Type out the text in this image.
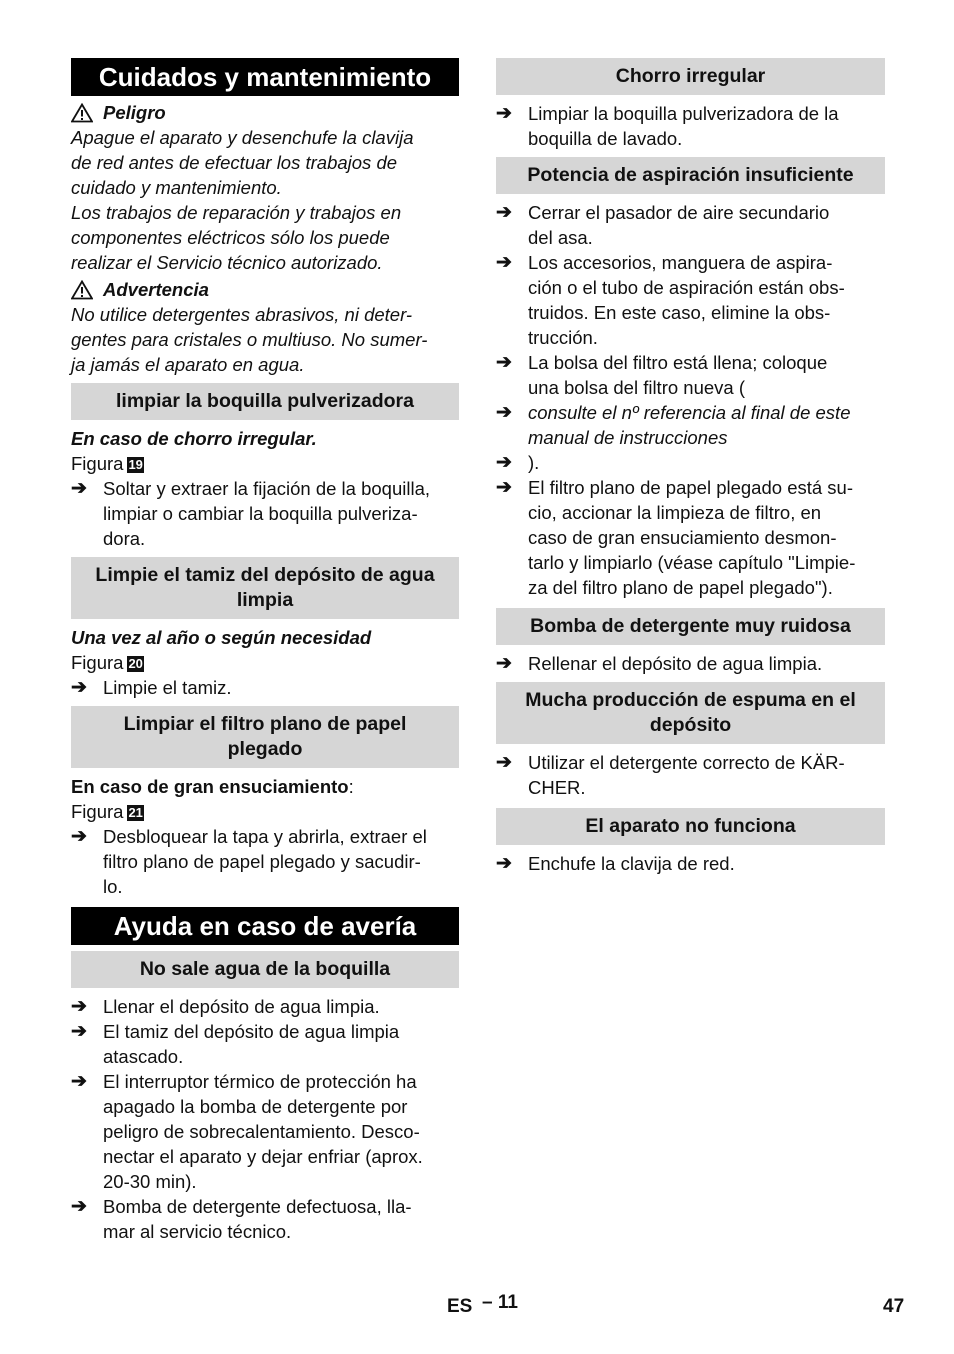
Cuidados y mantenimiento
Peligro

Apague el aparato y desenchufe la clavija

de red antes de efectuar los trabajos de

cuidado y mantenimiento.

Los trabajos de reparación y trabajos en

componentes eléctricos sólo los puede

realizar el Servicio técnico autorizado.

Advertencia

No utilice detergentes abrasivos, ni deter-

gentes para cristales o multiuso. No sumer-

ja jamás el aparato en agua.

limpiar la boquilla pulverizadora

En caso de chorro irregular.

Figura 19

➔ Soltar y extraer la fijación de la boquilla,
limpiar o cambiar la boquilla pulveriza-
dora.
Limpie el tamiz del depósito de agua
limpia

Una vez al año o según necesidad

Figura 20

➔ Limpie el tamiz.
Limpiar el filtro plano de papel
plegado

En caso de gran ensuciamiento:

Figura 21

➔ Desbloquear la tapa y abrirla, extraer el
filtro plano de papel plegado y sacudir-
lo.
Ayuda en caso de avería
No sale agua de la boquilla
➔ Llenar el depósito de agua limpia.
➔ El tamiz del depósito de agua limpia
atascado.
➔ El interruptor térmico de protección ha
apagado la bomba de detergente por
peligro de sobrecalentamiento. Desco-
nectar el aparato y dejar enfriar (aprox.
20-30 min).
➔ Bomba de detergente defectuosa, lla-
mar al servicio técnico.
Chorro irregular
➔ Limpiar la boquilla pulverizadora de la
boquilla de lavado.
Potencia de aspiración insuficiente
➔ Cerrar el pasador de aire secundario
del asa.
➔ Los accesorios, manguera de aspira-
ción o el tubo de aspiración están obs-
truidos. En este caso, elimine la obs-
trucción.
➔ La bolsa del filtro está llena; coloque
una bolsa del filtro nueva (
➔ consulte el nº referencia al final de este
manual de instrucciones
➔ ).
➔ El filtro plano de papel plegado está su-
cio, accionar la limpieza de filtro, en
caso de gran ensuciamiento desmon-
tarlo y limpiarlo (véase capítulo "Limpie-
za del filtro plano de papel plegado").
Bomba de detergente muy ruidosa
➔ Rellenar el depósito de agua limpia.
Mucha producción de espuma en el
depósito
➔ Utilizar el detergente correcto de KÄR-
CHER.
El aparato no funciona
➔ Enchufe la clavija de red.
ES – 11	47
